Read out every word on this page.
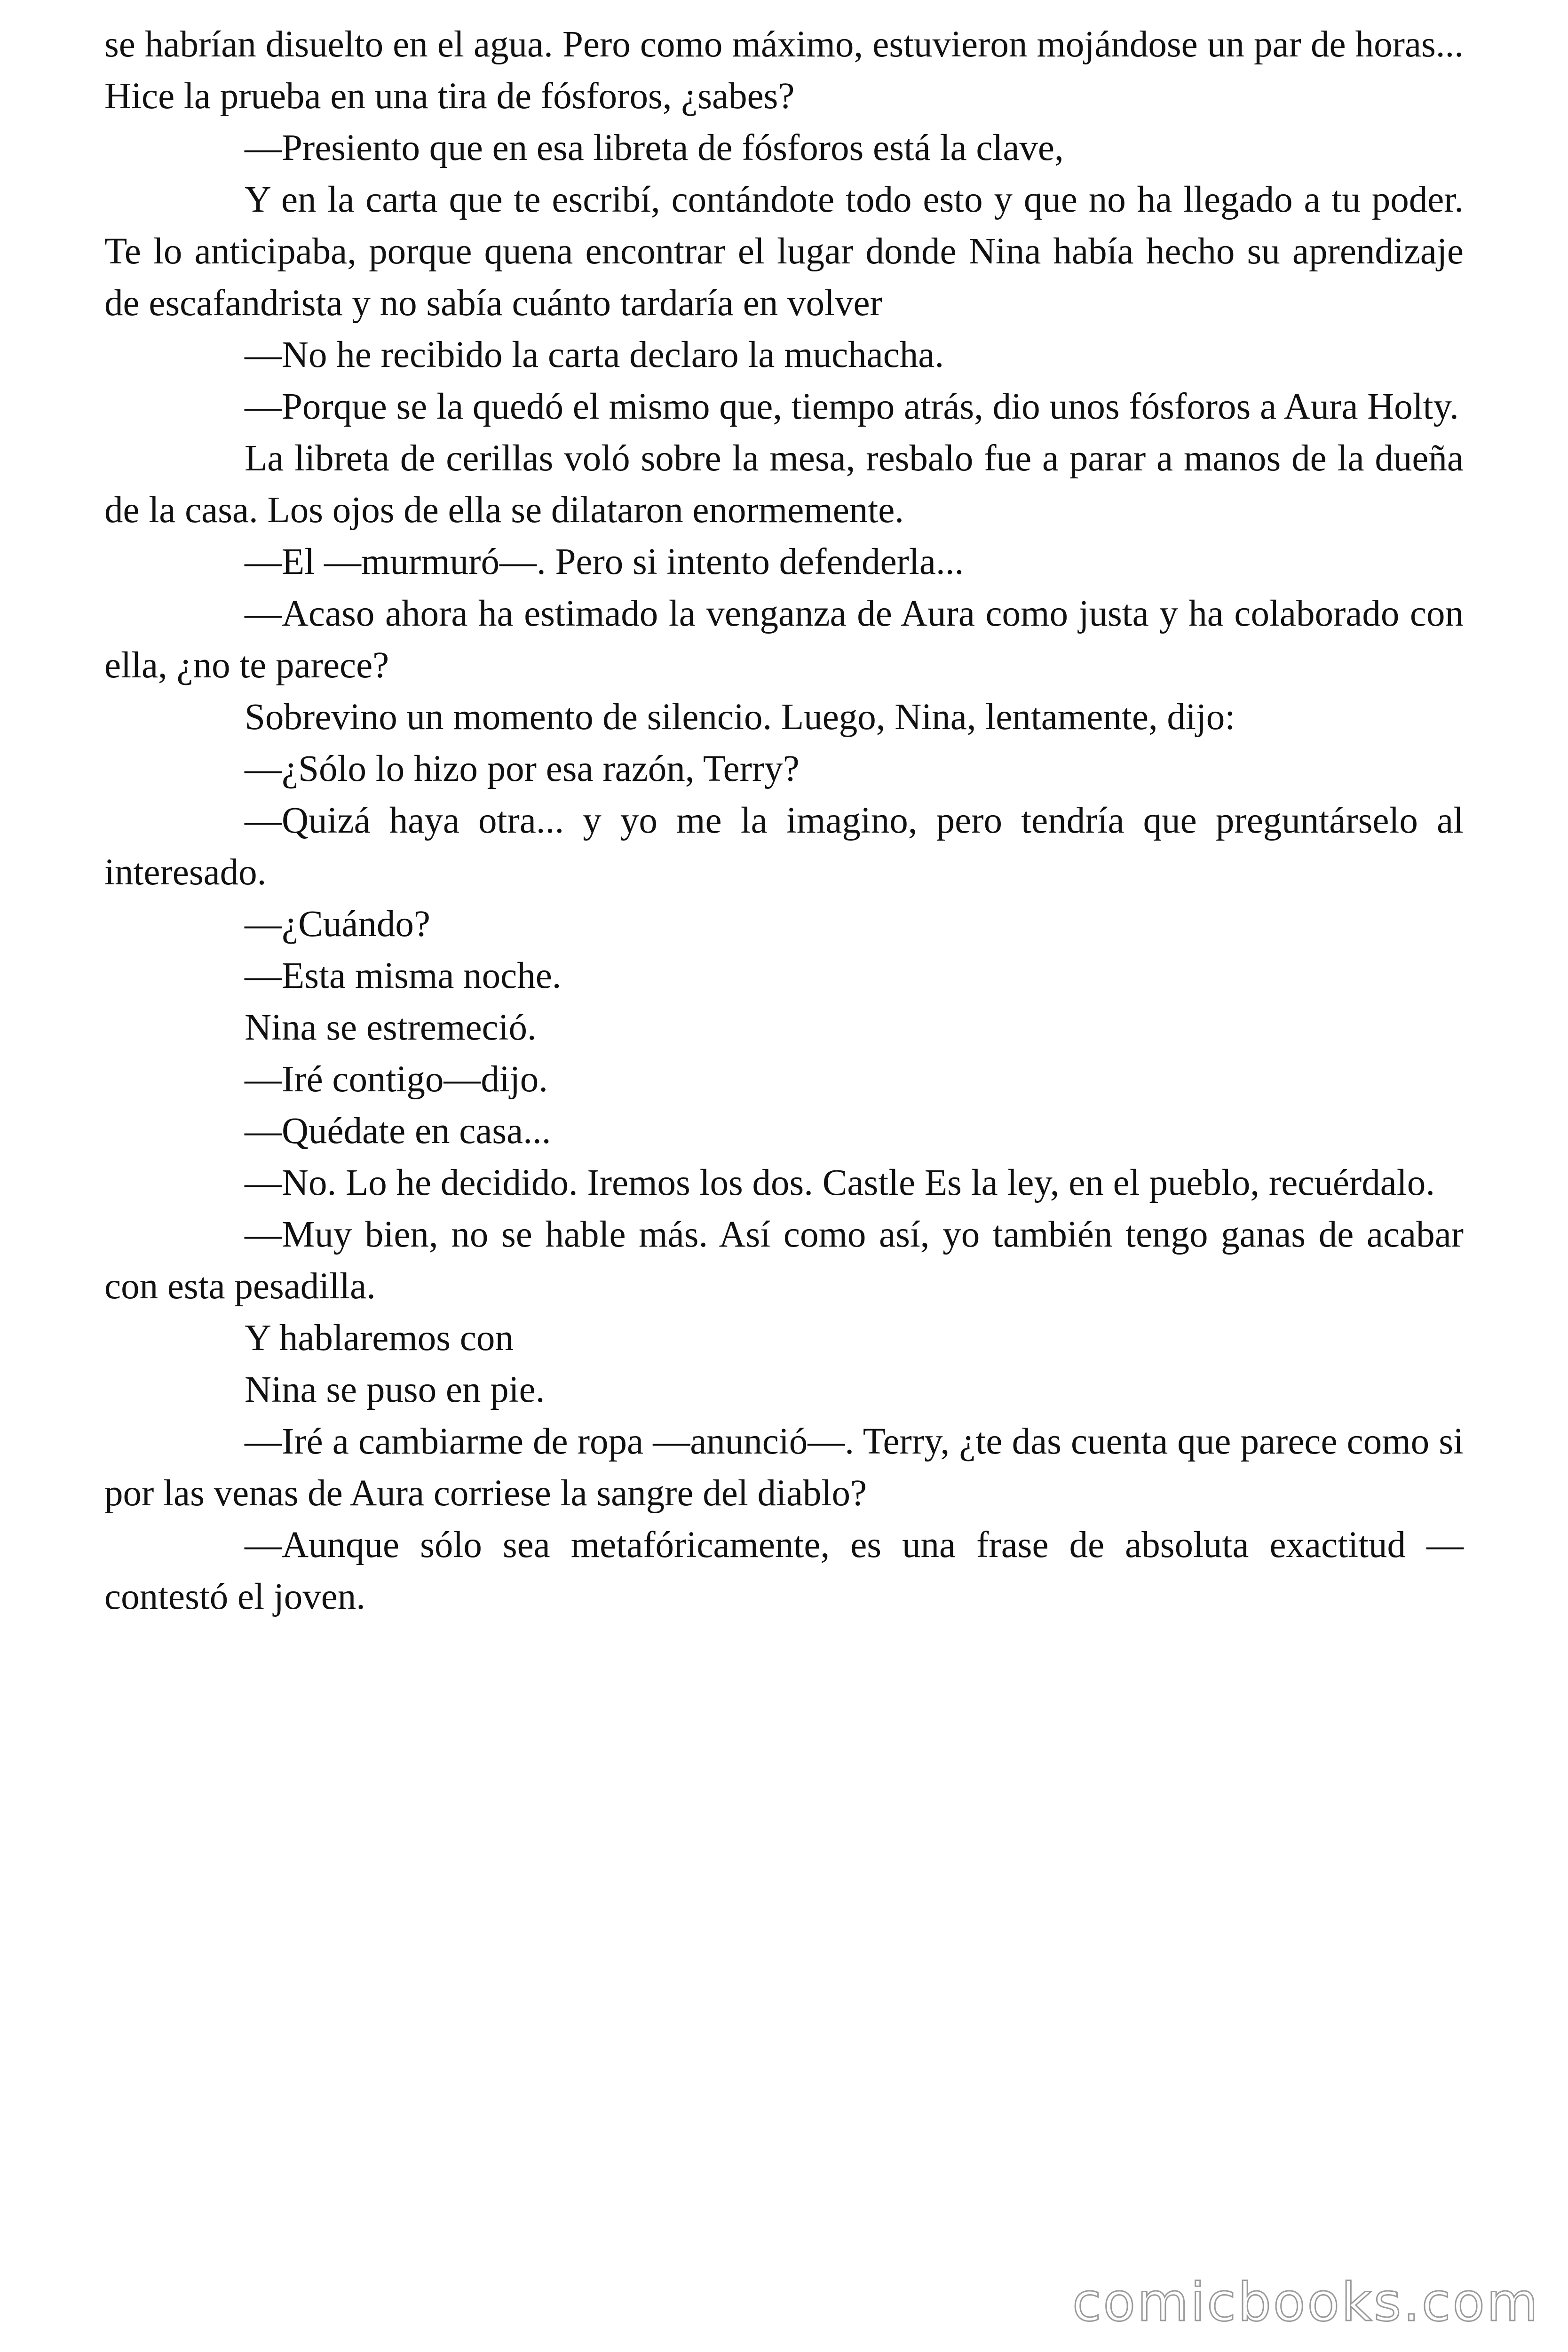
se habrían disuelto en el agua. Pero como máximo, estuvieron mojándose un par de horas... Hice la prueba en una tira de fósforos, ¿sabes?

—Presiento que en esa libreta de fósforos está la clave,

Y en la carta que te escribí, contándote todo esto y que no ha llegado a tu poder. Te lo anticipaba, porque quena encontrar el lugar donde Nina había hecho su aprendizaje de escafandrista y no sabía cuánto tardaría en volver

—No he recibido la carta declaro la muchacha.

—Porque se la quedó el mismo que, tiempo atrás, dio unos fósforos a Aura Holty.

La libreta de cerillas voló sobre la mesa, resbalo fue a parar a manos de la dueña de la casa. Los ojos de ella se dilataron enormemente.

—El —murmuró—. Pero si intento defenderla...

—Acaso ahora ha estimado la venganza de Aura como justa y ha colaborado con ella, ¿no te parece?

Sobrevino un momento de silencio. Luego, Nina, lentamente, dijo:

—¿Sólo lo hizo por esa razón, Terry?

—Quizá haya otra... y yo me la imagino, pero tendría que preguntárselo al interesado.

—¿Cuándo?

—Esta misma noche.

Nina se estremeció.

—Iré contigo—dijo.

—Quédate en casa...

—No. Lo he decidido. Iremos los dos. Castle Es la ley, en el pueblo, recuérdalo.

—Muy bien, no se hable más. Así como así, yo también tengo ganas de acabar con esta pesadilla.

Y hablaremos con

Nina se puso en pie.

—Iré a cambiarme de ropa —anunció—. Terry, ¿te das cuenta que parece como si por las venas de Aura corriese la sangre del diablo?

—Aunque sólo sea metafóricamente, es una frase de absoluta exactitud —contestó el joven.

comicbooks.com
